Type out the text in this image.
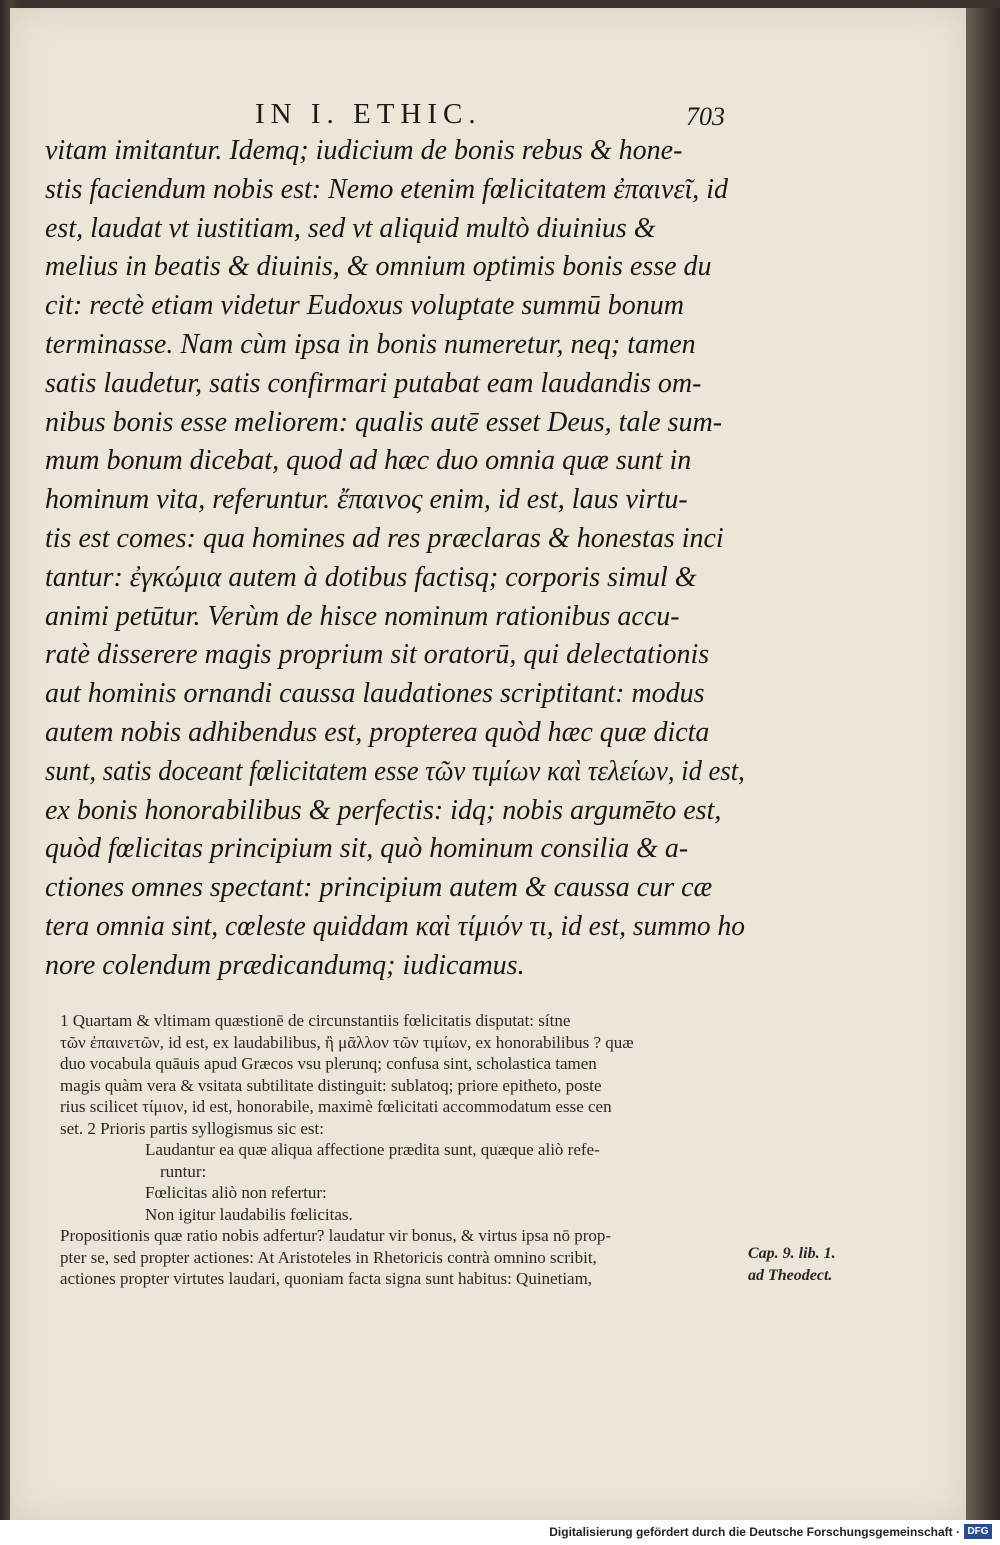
IN I. ETHIC.	703
vitam imitantur. Idemq; iudicium de bonis rebus & hone-
stis faciendum nobis est: Nemo etenim fœlicitatem ἐπαινεῖ, id
est, laudat vt iustitiam, sed vt aliquid multò diuinius &
melius in beatis & diuinis, & omnium optimis bonis esse du
cit: rectè etiam videtur Eudoxus voluptate summū bonum
terminasse. Nam cùm ipsa in bonis numeretur, neq; tamen
satis laudetur, satis confirmari putabat eam laudandis om-
nibus bonis esse meliorem: qualis autē esset Deus, tale sum-
mum bonum dicebat, quod ad hæc duo omnia quæ sunt in
hominum vita, referuntur. ἔπαινος enim, id est, laus virtu-
tis est comes: qua homines ad res præclaras & honestas inci
tantur: ἐγκώμια autem à dotibus factisq; corporis simul &
animi petūtur. Verùm de hisce nominum rationibus accu-
ratè disserere magis proprium sit oratorū, qui delectationis
aut hominis ornandi caussa laudationes scriptitant: modus
autem nobis adhibendus est, propterea quòd hæc quæ dicta
sunt, satis doceant fœlicitatem esse τῶν τιμίων καὶ τελείων, id est,
ex bonis honorabilibus & perfectis: idq; nobis argumēto est,
quòd fœlicitas principium sit, quò hominum consilia & a-
ctiones omnes spectant: principium autem & caussa cur cæ
tera omnia sint, cœleste quiddam καὶ τίμιόν τι, id est, summo ho
nore colendum prædicandumq; iudicamus.
1 Quartam & vltimam quæstionē de circunstantiis fœlicitatis disputat: sítne
τῶν ἐπαινετῶν, id est, ex laudabilibus, ἢ μᾶλλον τῶν τιμίων, ex honorabilibus ? quæ
duo vocabula quāuis apud Græcos vsu plerunq; confusa sint, scholastica tamen
magis quàm vera & vsitata subtilitate distinguit: sublatoq; priore epitheto, poste
rius scilicet τίμιον, id est, honorabile, maximè fœlicitati accommodatum esse cen
set. 2 Prioris partis syllogismus sic est:
Laudantur ea quæ aliqua affectione prædita sunt, quæque aliò refe-
runtur:
Fœlicitas aliò non refertur:
Non igitur laudabilis fœlicitas.
Propositionis quæ ratio nobis adfertur? laudatur vir bonus, & virtus ipsa nō prop-
pter se, sed propter actiones: At Aristoteles in Rhetoricis contrà omnino scribit,
actiones propter virtutes laudari, quoniam facta signa sunt habitus: Quinetiam,
Cap. 9. lib. 1.
ad Theodect.
Digitalisierung gefördert durch die Deutsche Forschungsgemeinschaft · DFG
